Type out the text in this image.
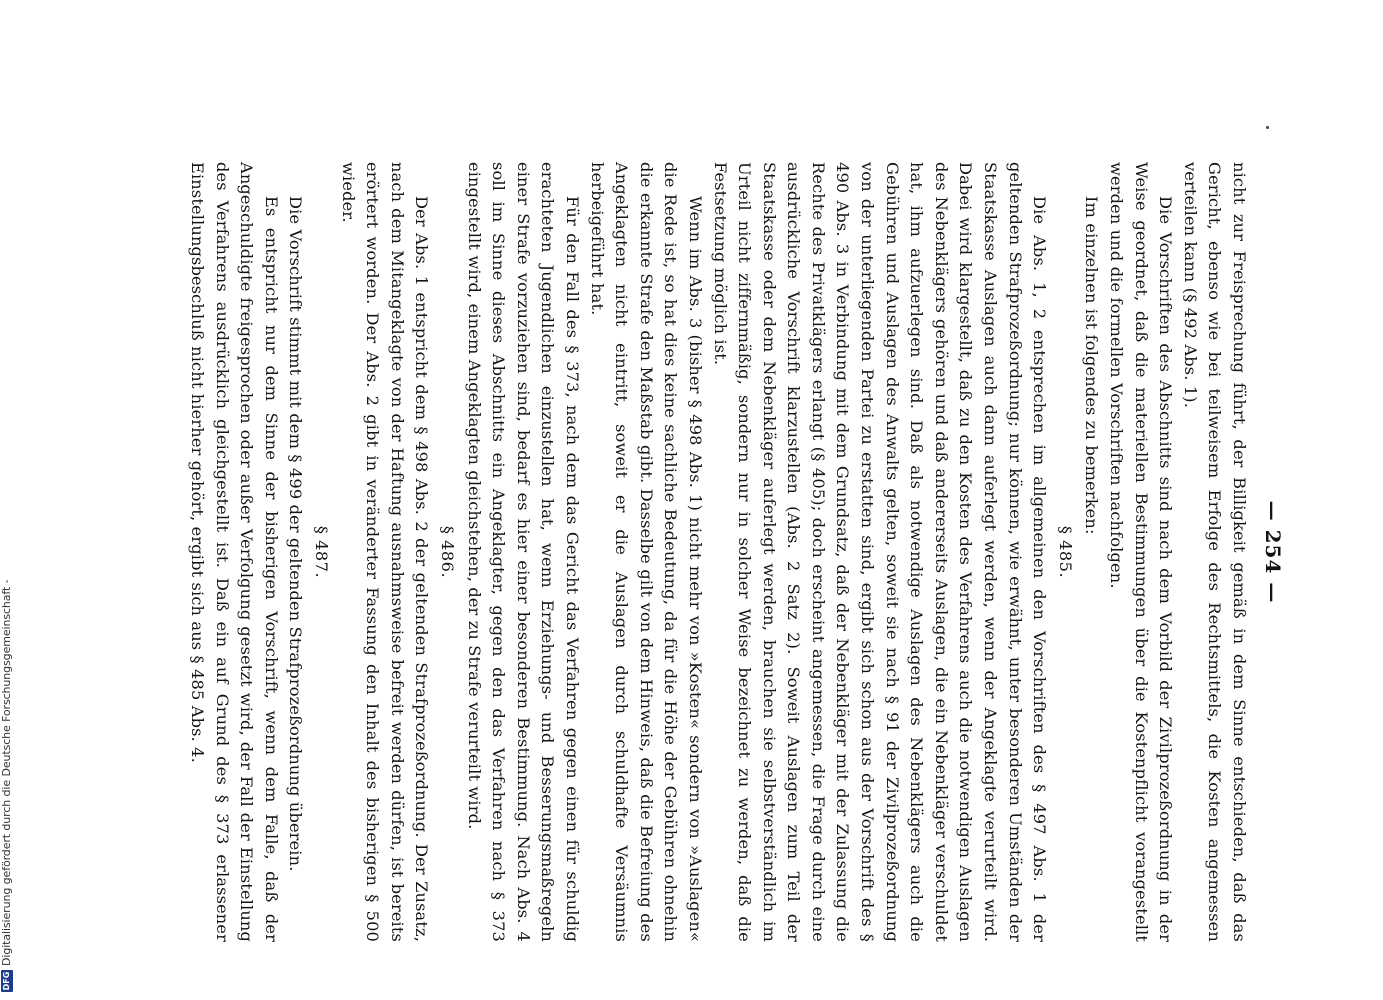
— 254 —

nicht zur Freisprechung führt, der Billigkeit gemäß in dem Sinne entschieden, daß das Gericht, ebenso wie bei teilweisem Erfolge des Rechtsmittels, die Kosten angemessen verteilen kann (§ 492 Abs. 1).

Die Vorschriften des Abschnitts sind nach dem Vorbild der Zivilprozeßordnung in der Weise geordnet, daß die materiellen Bestimmungen über die Kostenpflicht vorangestellt werden und die formellen Vorschriften nachfolgen.

Im einzelnen ist folgendes zu bemerken:

§ 485.

Die Abs. 1, 2 entsprechen im allgemeinen den Vorschriften des § 497 Abs. 1 der geltenden Strafprozeßordnung; nur können, wie erwähnt, unter besonderen Umständen der Staatskasse Auslagen auch dann auferlegt werden, wenn der Angeklagte verurteilt wird. Dabei wird klargestellt, daß zu den Kosten des Verfahrens auch die notwendigen Auslagen des Nebenklägers gehören und daß andererseits Auslagen, die ein Nebenkläger verschuldet hat, ihm aufzuerlegen sind. Daß als notwendige Auslagen des Nebenklägers auch die Gebühren und Auslagen des Anwalts gelten, soweit sie nach § 91 der Zivilprozeßordnung von der unterliegenden Partei zu erstatten sind, ergibt sich schon aus der Vorschrift des § 490 Abs. 3 in Verbindung mit dem Grundsatz, daß der Nebenkläger mit der Zulassung die Rechte des Privatklägers erlangt (§ 405); doch erscheint angemessen, die Frage durch eine ausdrückliche Vorschrift klarzustellen (Abs. 2 Satz 2). Soweit Auslagen zum Teil der Staatskasse oder dem Nebenkläger auferlegt werden, brauchen sie selbstverständlich im Urteil nicht ziffernmäßig, sondern nur in solcher Weise bezeichnet zu werden, daß die Festsetzung möglich ist.

Wenn im Abs. 3 (bisher § 498 Abs. 1) nicht mehr von »Kosten« sondern von »Auslagen« die Rede ist, so hat dies keine sachliche Bedeutung, da für die Höhe der Gebühren ohnehin die erkannte Strafe den Maßstab gibt. Dasselbe gilt von dem Hinweis, daß die Befreiung des Angeklagten nicht eintritt, soweit er die Auslagen durch schuldhafte Versäumnis herbeigeführt hat.

Für den Fall des § 373, nach dem das Gericht das Verfahren gegen einen für schuldig erachteten Jugendlichen einzustellen hat, wenn Erziehungs- und Besserungsmaßregeln einer Strafe vorzuziehen sind, bedarf es hier einer besonderen Bestimmung. Nach Abs. 4 soll im Sinne dieses Abschnitts ein Angeklagter, gegen den das Verfahren nach § 373 eingestellt wird, einem Angeklagten gleichstehen, der zu Strafe verurteilt wird.

§ 486.

Der Abs. 1 entspricht dem § 498 Abs. 2 der geltenden Strafprozeßordnung. Der Zusatz, nach dem Mitangeklagte von der Haftung ausnahmsweise befreit werden dürfen, ist bereits erörtert worden. Der Abs. 2 gibt in veränderter Fassung den Inhalt des bisherigen § 500 wieder.

§ 487.

Die Vorschrift stimmt mit dem § 499 der geltenden Strafprozeßordnung überein.

Es entspricht nur dem Sinne der bisherigen Vorschrift, wenn dem Falle, daß der Angeschuldigte freigesprochen oder außer Verfolgung gesetzt wird, der Fall der Einstellung des Verfahrens ausdrücklich gleichgestellt ist. Daß ein auf Grund des § 373 erlassener Einstellungsbeschluß nicht hierher gehört, ergibt sich aus § 485 Abs. 4.

DFG
Digitalisierung gefördert durch die Deutsche Forschungsgemeinschaft -
